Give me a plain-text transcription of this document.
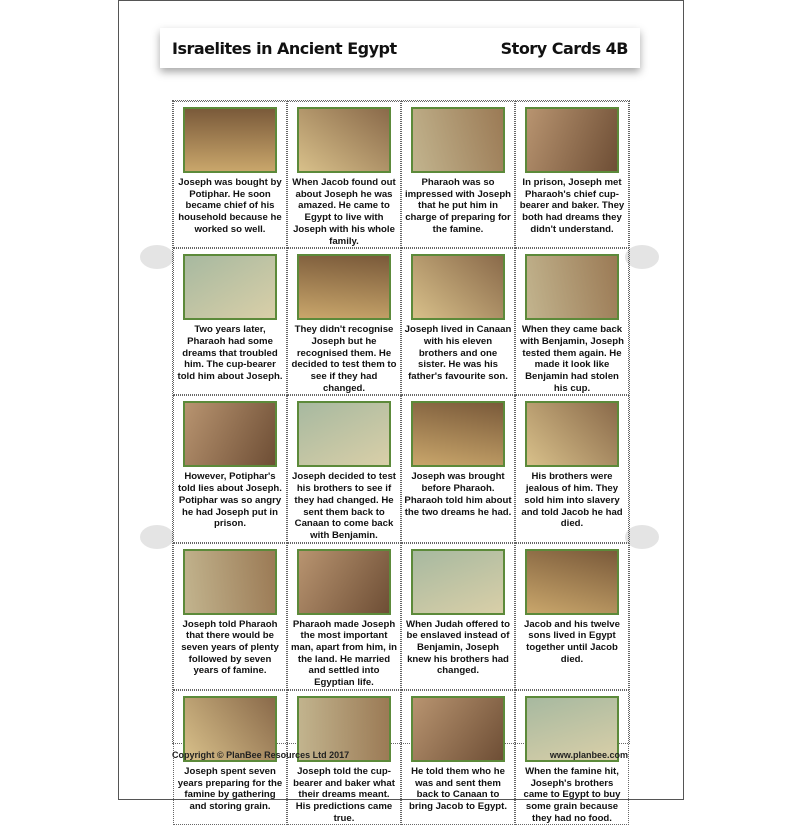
Israelites in Ancient Egypt	Story Cards 4B
Joseph was bought by Potiphar. He soon became chief of his household because he worked so well.
When Jacob found out about Joseph he was amazed. He came to Egypt to live with Joseph with his whole family.
Pharaoh was so impressed with Joseph that he put him in charge of preparing for the famine.
In prison, Joseph met Pharaoh's chief cup-bearer and baker. They both had dreams they didn't understand.
Two years later, Pharaoh had some dreams that troubled him. The cup-bearer told him about Joseph.
They didn't recognise Joseph but he recognised them. He decided to test them to see if they had changed.
Joseph lived in Canaan with his eleven brothers and one sister. He was his father's favourite son.
When they came back with Benjamin, Joseph tested them again. He made it look like Benjamin had stolen his cup.
However, Potiphar's told lies about Joseph. Potiphar was so angry he had Joseph put in prison.
Joseph decided to test his brothers to see if they had changed. He sent them back to Canaan to come back with Benjamin.
Joseph was brought before Pharaoh. Pharaoh told him about the two dreams he had.
His brothers were jealous of him. They sold him into slavery and told Jacob he had died.
Joseph told Pharaoh that there would be seven years of plenty followed by seven years of famine.
Pharaoh made Joseph the most important man, apart from him, in the land. He married and settled into Egyptian life.
When Judah offered to be enslaved instead of Benjamin, Joseph knew his brothers had changed.
Jacob and his twelve sons lived in Egypt together until Jacob died.
Joseph spent seven years preparing for the famine by gathering and storing grain.
Joseph told the cup-bearer and baker what their dreams meant. His predictions came true.
He told them who he was and sent them back to Canaan to bring Jacob to Egypt.
When the famine hit, Joseph's brothers came to Egypt to buy some grain because they had no food.
Copyright © PlanBee Resources Ltd 2017	www.planbee.com
